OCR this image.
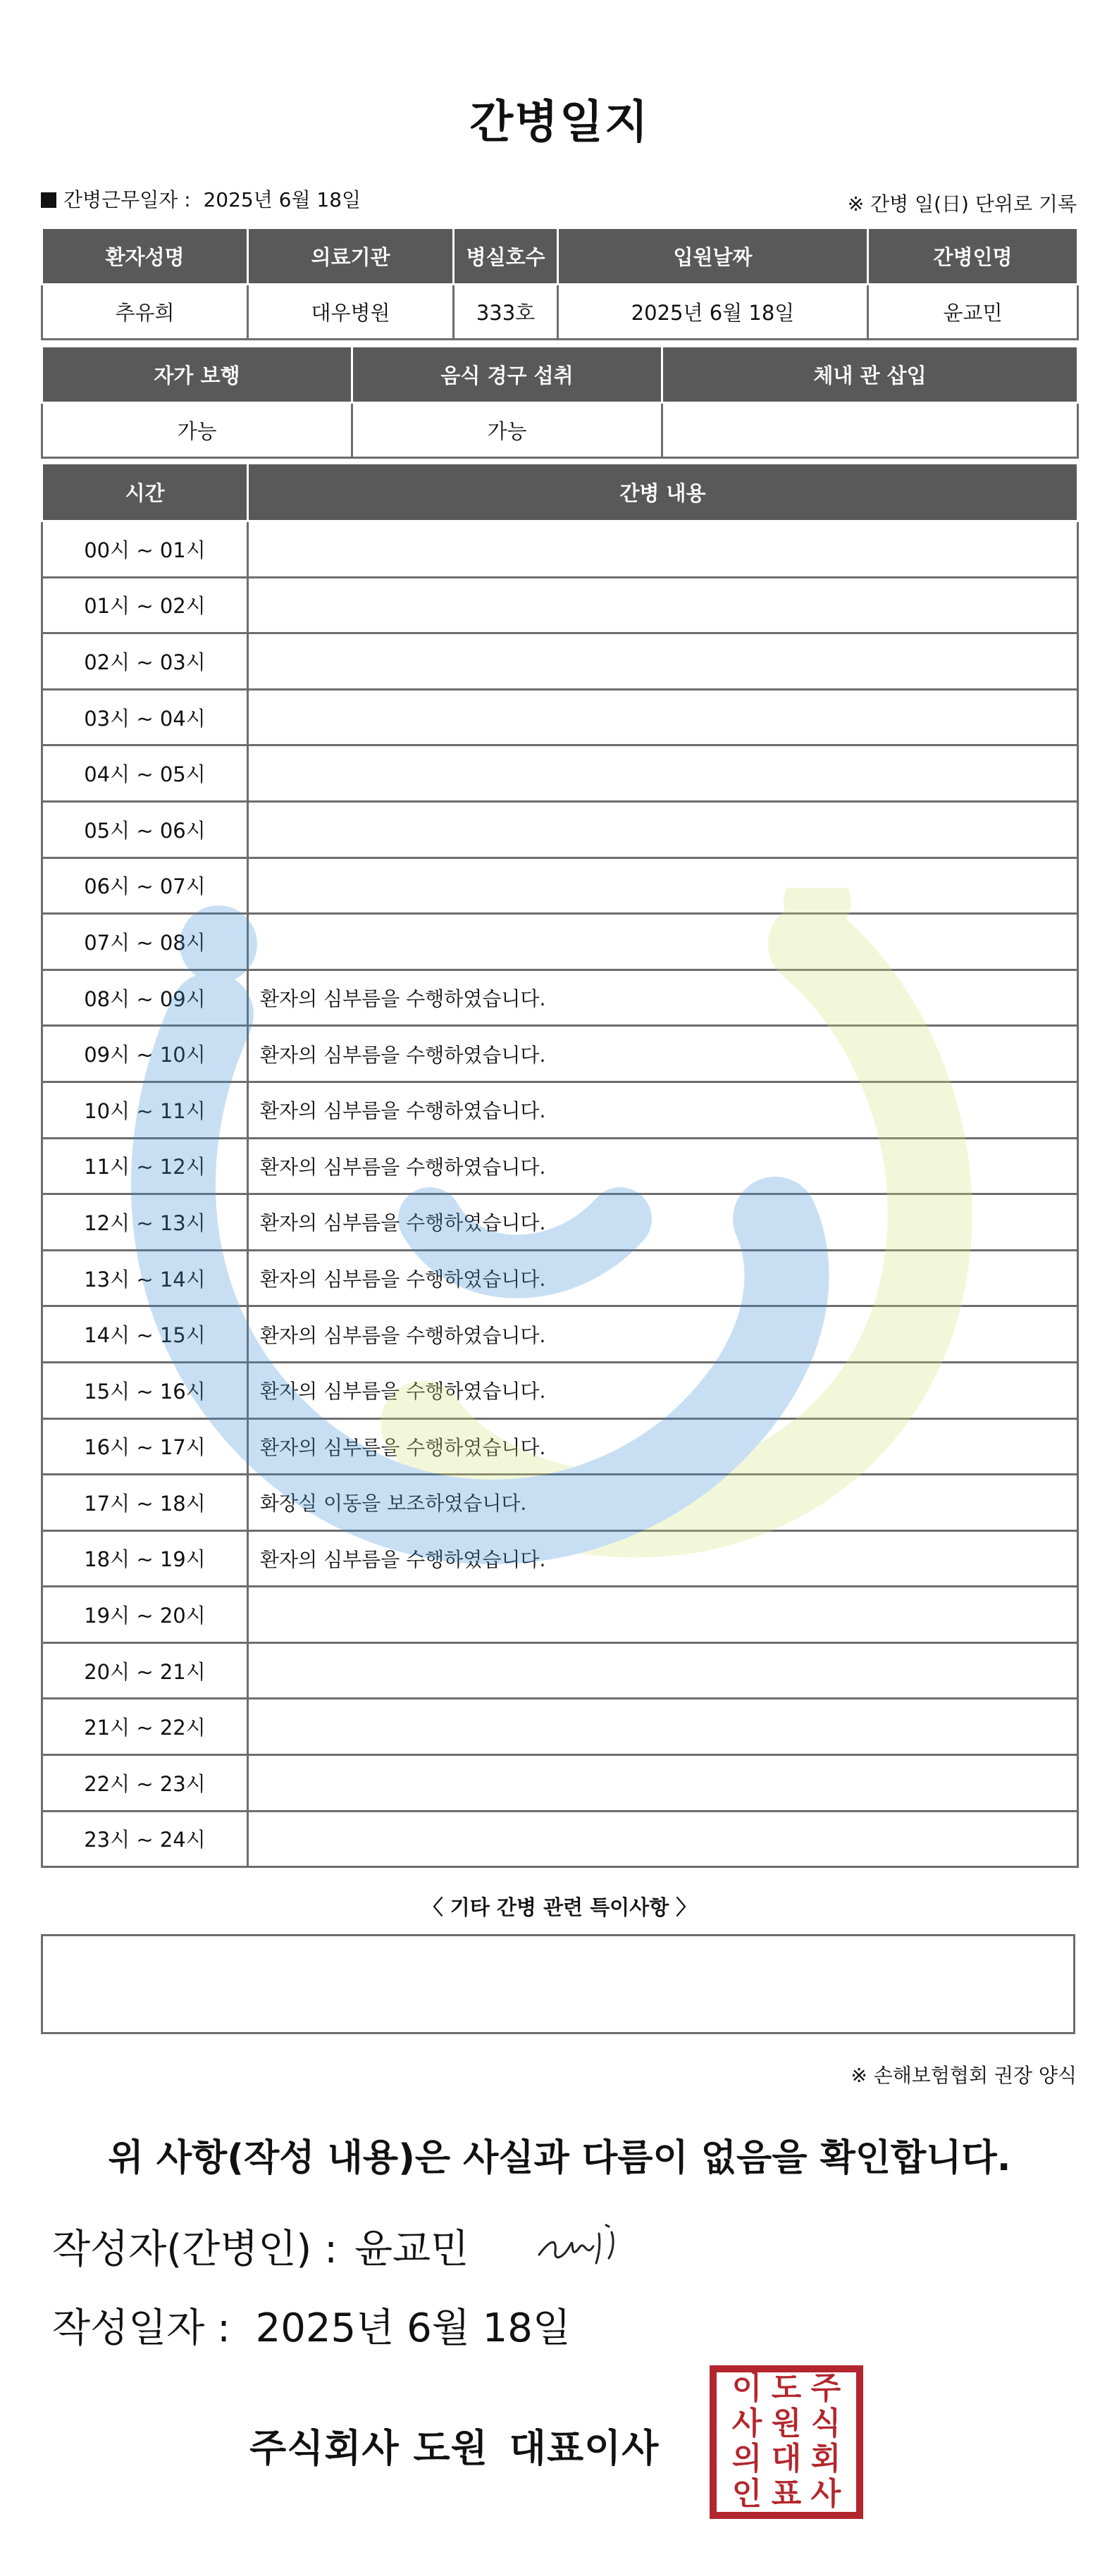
간병일지
간병근무일자 : 2025년 6월 18일	※ 간병 일(日) 단위로 기록
환자성명	의료기관	병실호수	입원날짜	간병인명
추유희	대우병원	333호	2025년 6월 18일	윤교민
자가 보행	음식 경구 섭취	체내 관 삽입
가능	가능	
시간	간병 내용
00시 ~ 01시	
01시 ~ 02시	
02시 ~ 03시	
03시 ~ 04시	
04시 ~ 05시	
05시 ~ 06시	
06시 ~ 07시	
07시 ~ 08시	
08시 ~ 09시	환자의 심부름을 수행하였습니다.
09시 ~ 10시	환자의 심부름을 수행하였습니다.
10시 ~ 11시	환자의 심부름을 수행하였습니다.
11시 ~ 12시	환자의 심부름을 수행하였습니다.
12시 ~ 13시	환자의 심부름을 수행하였습니다.
13시 ~ 14시	환자의 심부름을 수행하였습니다.
14시 ~ 15시	환자의 심부름을 수행하였습니다.
15시 ~ 16시	환자의 심부름을 수행하였습니다.
16시 ~ 17시	환자의 심부름을 수행하였습니다.
17시 ~ 18시	화장실 이동을 보조하였습니다.
18시 ~ 19시	환자의 심부름을 수행하였습니다.
19시 ~ 20시	
20시 ~ 21시	
21시 ~ 22시	
22시 ~ 23시	
23시 ~ 24시	
〈 기타 간병 관련 특이사항 〉
※ 손해보험협회 권장 양식
위 사항(작성 내용)은 사실과 다름이 없음을 확인합니다.
작성자(간병인) : 윤교민
작성일자 : 2025년 6월 18일
주식회사 도원 대표이사
주
식
회
사
도
원
대
표
이
사
의
인
